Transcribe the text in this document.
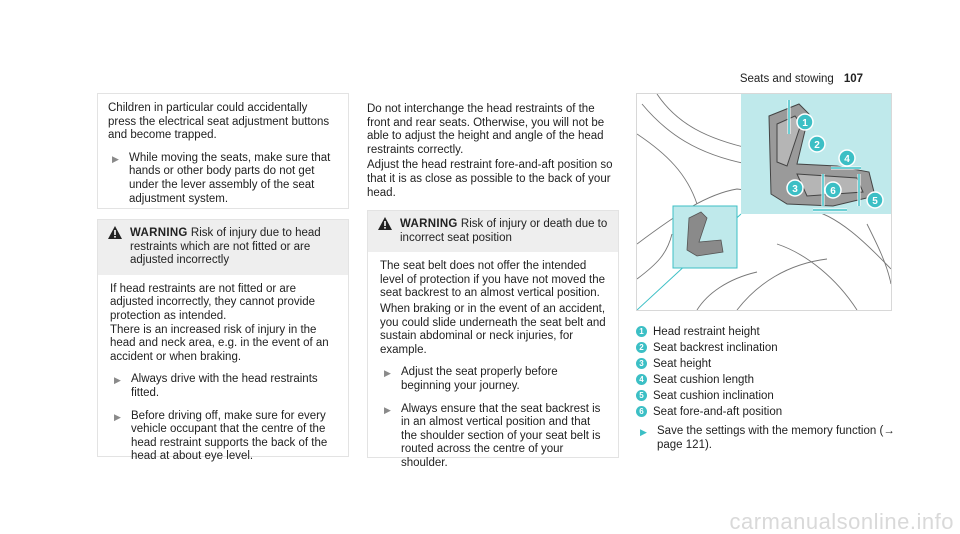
Seats and stowing 107

Children in particular could accidentally press the electrical seat adjustment buttons and become trapped.

▶ While moving the seats, make sure that hands or other body parts do not get under the lever assembly of the seat adjustment system.
WARNING Risk of injury due to head restraints which are not fitted or are adjusted incorrectly

If head restraints are not fitted or are adjusted incorrectly, they cannot provide protection as intended.

There is an increased risk of injury in the head and neck area, e.g. in the event of an accident or when braking.

▶ Always drive with the head restraints fitted.
▶ Before driving off, make sure for every vehicle occupant that the centre of the head restraint supports the back of the head at about eye level.

Do not interchange the head restraints of the front and rear seats. Otherwise, you will not be able to adjust the height and angle of the head restraints correctly.

Adjust the head restraint fore-and-aft position so that it is as close as possible to the back of your head.

WARNING Risk of injury or death due to incorrect seat position

The seat belt does not offer the intended level of protection if you have not moved the seat backrest to an almost vertical position.

When braking or in the event of an accident, you could slide underneath the seat belt and sustain abdominal or neck injuries, for example.

▶ Adjust the seat properly before beginning your journey.
▶ Always ensure that the seat backrest is in an almost vertical position and that the shoulder section of your seat belt is routed across the centre of your shoulder.
1
2
3
4
5
6
1 Head restraint height
2 Seat backrest inclination
3 Seat height
4 Seat cushion length
5 Seat cushion inclination
6 Seat fore-and-aft position
▶ Save the settings with the memory function (→ page 121).
carmanualsonline.info
